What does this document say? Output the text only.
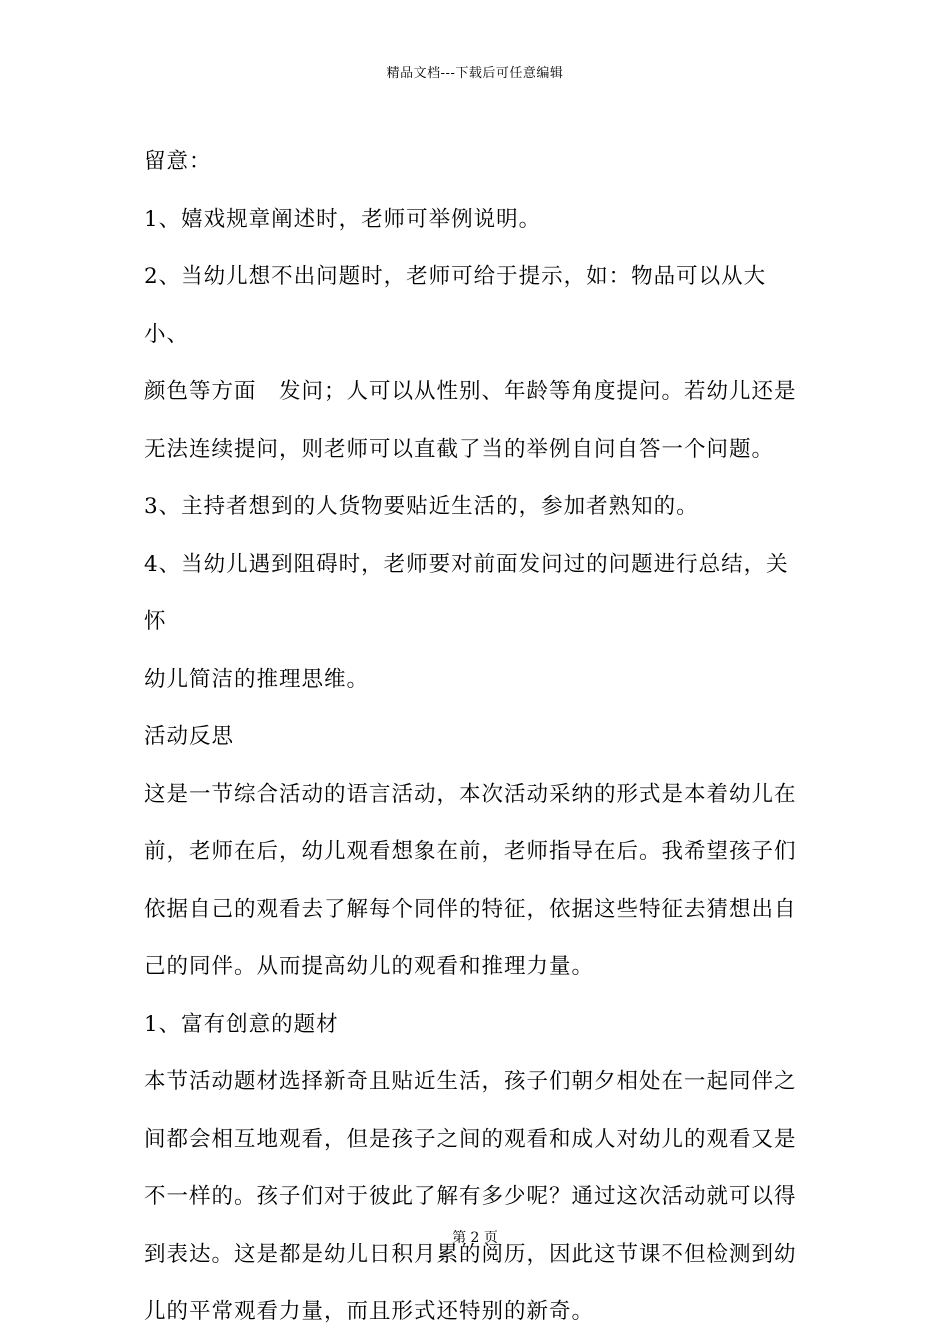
精品文档---下载后可任意编辑

留意：

1、嬉戏规章阐述时，老师可举例说明。

2、当幼儿想不出问题时，老师可给于提示，如：物品可以从大小、

颜色等方面　发问；人可以从性别、年龄等角度提问。若幼儿还是

无法连续提问，则老师可以直截了当的举例自问自答一个问题。

3、主持者想到的人货物要贴近生活的，参加者熟知的。

4、当幼儿遇到阻碍时，老师要对前面发问过的问题进行总结，关怀

幼儿简洁的推理思维。

活动反思

这是一节综合活动的语言活动，本次活动采纳的形式是本着幼儿在

前，老师在后，幼儿观看想象在前，老师指导在后。我希望孩子们

依据自己的观看去了解每个同伴的特征，依据这些特征去猜想出自

己的同伴。从而提高幼儿的观看和推理力量。

1、富有创意的题材

本节活动题材选择新奇且贴近生活，孩子们朝夕相处在一起同伴之

间都会相互地观看，但是孩子之间的观看和成人对幼儿的观看又是

不一样的。孩子们对于彼此了解有多少呢？通过这次活动就可以得

到表达。这是都是幼儿日积月累的阅历，因此这节课不但检测到幼

儿的平常观看力量，而且形式还特别的新奇。

第 2 页
